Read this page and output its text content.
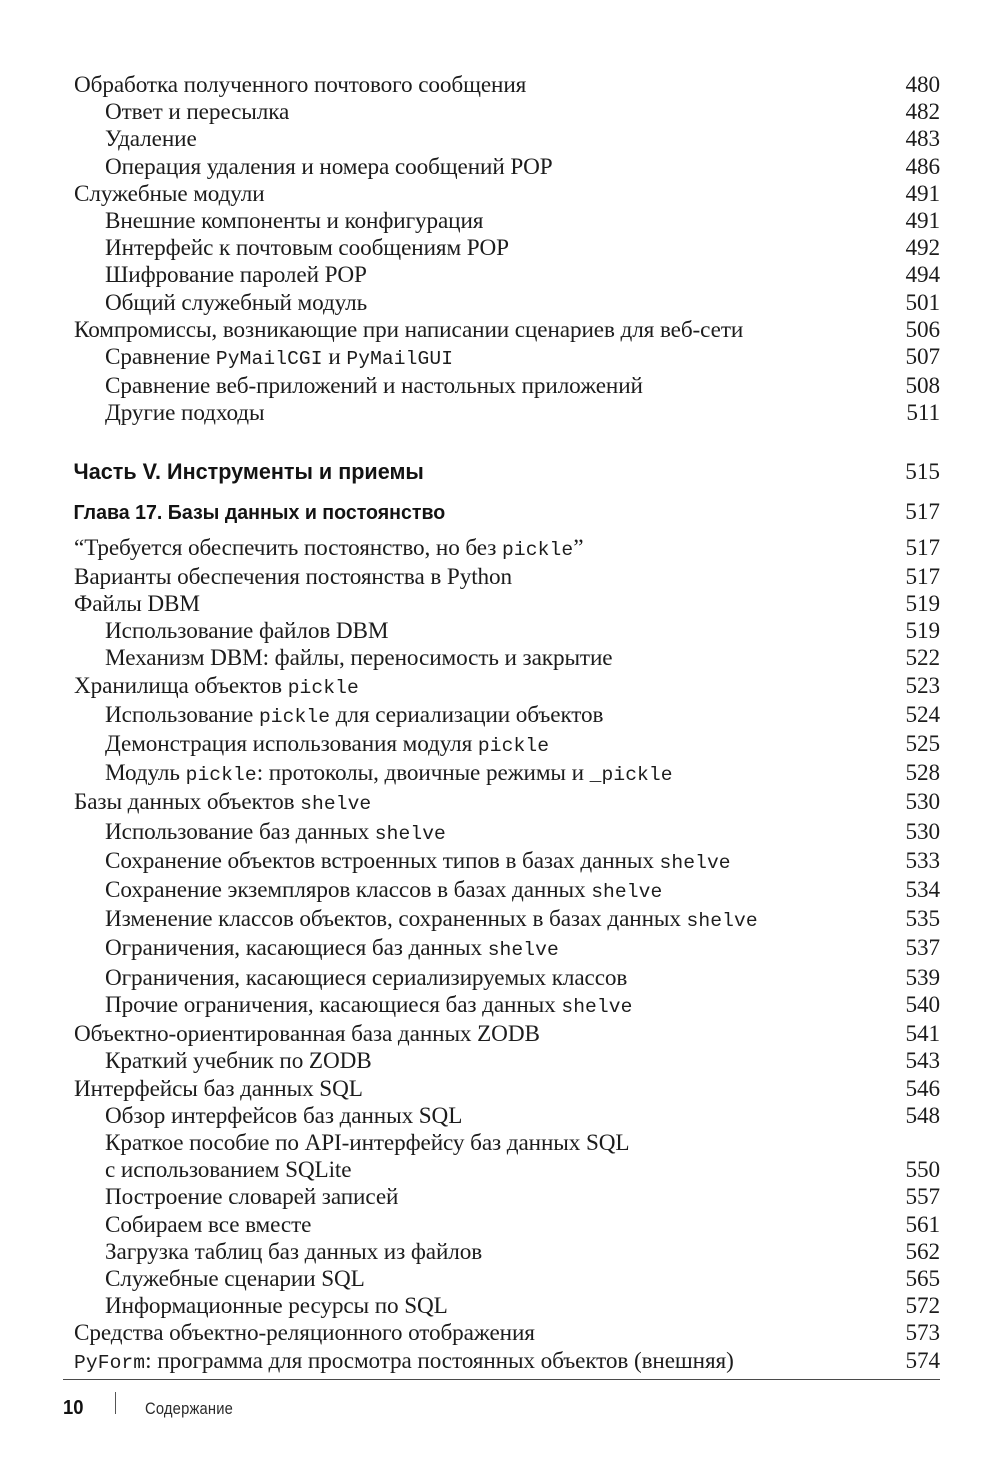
Обработка полученного почтового сообщения	480
Ответ и пересылка	482
Удаление	483
Операция удаления и номера сообщений POP	486
Служебные модули	491
Внешние компоненты и конфигурация	491
Интерфейс к почтовым сообщениям POP	492
Шифрование паролей POP	494
Общий служебный модуль	501
Компромиссы, возникающие при написании сценариев для веб-сети	506
Сравнение PyMailCGI и PyMailGUI	507
Сравнение веб-приложений и настольных приложений	508
Другие подходы	511
Часть V. Инструменты и приемы	515
Глава 17. Базы данных и постоянство	517
“Требуется обеспечить постоянство, но без pickle”	517
Варианты обеспечения постоянства в Python	517
Файлы DBM	519
Использование файлов DBM	519
Механизм DBM: файлы, переносимость и закрытие	522
Хранилища объектов pickle	523
Использование pickle для сериализации объектов	524
Демонстрация использования модуля pickle	525
Модуль pickle: протоколы, двоичные режимы и _pickle	528
Базы данных объектов shelve	530
Использование баз данных shelve	530
Сохранение объектов встроенных типов в базах данных shelve	533
Сохранение экземпляров классов в базах данных shelve	534
Изменение классов объектов, сохраненных в базах данных shelve	535
Ограничения, касающиеся баз данных shelve	537
Ограничения, касающиеся сериализируемых классов	539
Прочие ограничения, касающиеся баз данных shelve	540
Объектно-ориентированная база данных ZODB	541
Краткий учебник по ZODB	543
Интерфейсы баз данных SQL	546
Обзор интерфейсов баз данных SQL	548
Краткое пособие по API-интерфейсу баз данных SQL
с использованием SQLite	550
Построение словарей записей	557
Собираем все вместе	561
Загрузка таблиц баз данных из файлов	562
Служебные сценарии SQL	565
Информационные ресурсы по SQL	572
Средства объектно-реляционного отображения	573
PyForm: программа для просмотра постоянных объектов (внешняя)	574
10	Содержание
